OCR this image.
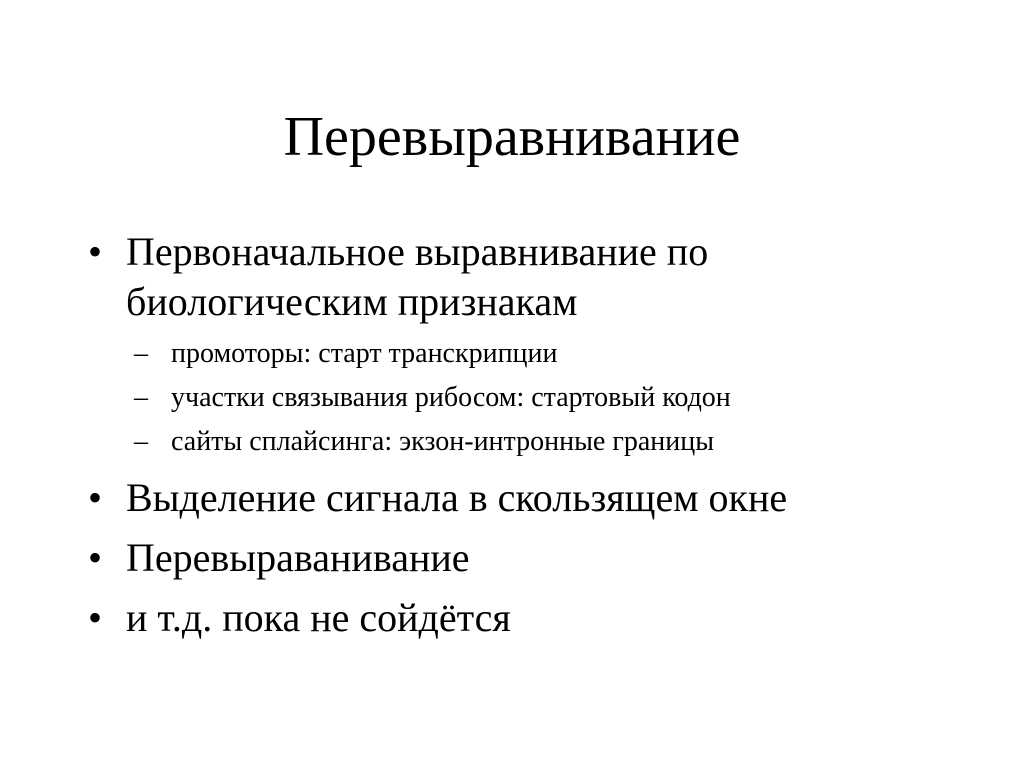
Перевыравнивание
• Первоначальное выравнивание по биологическим признакам
– промоторы: старт транскрипции
– участки связывания рибосом: стартовый кодон
– сайты сплайсинга: экзон-интронные границы
• Выделение сигнала в скользящем окне
• Перевыраванивание
• и т.д. пока не сойдётся
